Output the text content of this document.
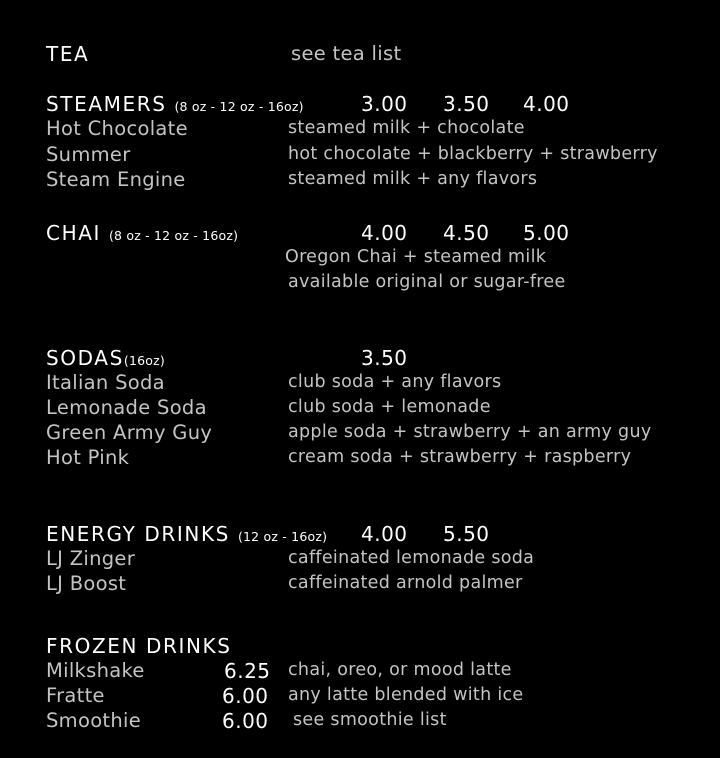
TEA	see tea list
STEAMERS (8 oz - 12 oz - 16oz)	3.00 3.50 4.00
Hot Chocolate	steamed milk + chocolate
Summer	hot chocolate + blackberry + strawberry
Steam Engine	steamed milk + any flavors
CHAI (8 oz - 12 oz - 16oz)	4.00 4.50 5.00
Oregon Chai + steamed milk
available original or sugar-free
SODAS(16oz)	3.50
Italian Soda	club soda + any flavors
Lemonade Soda	club soda + lemonade
Green Army Guy	apple soda + strawberry + an army guy
Hot Pink	cream soda + strawberry + raspberry
ENERGY DRINKS (12 oz - 16oz) 4.00 5.50
LJ Zinger	caffeinated lemonade soda
LJ Boost	caffeinated arnold palmer
FROZEN DRINKS
Milkshake	6.25 chai, oreo, or mood latte
Fratte	6.00 any latte blended with ice
Smoothie	6.00 see smoothie list
